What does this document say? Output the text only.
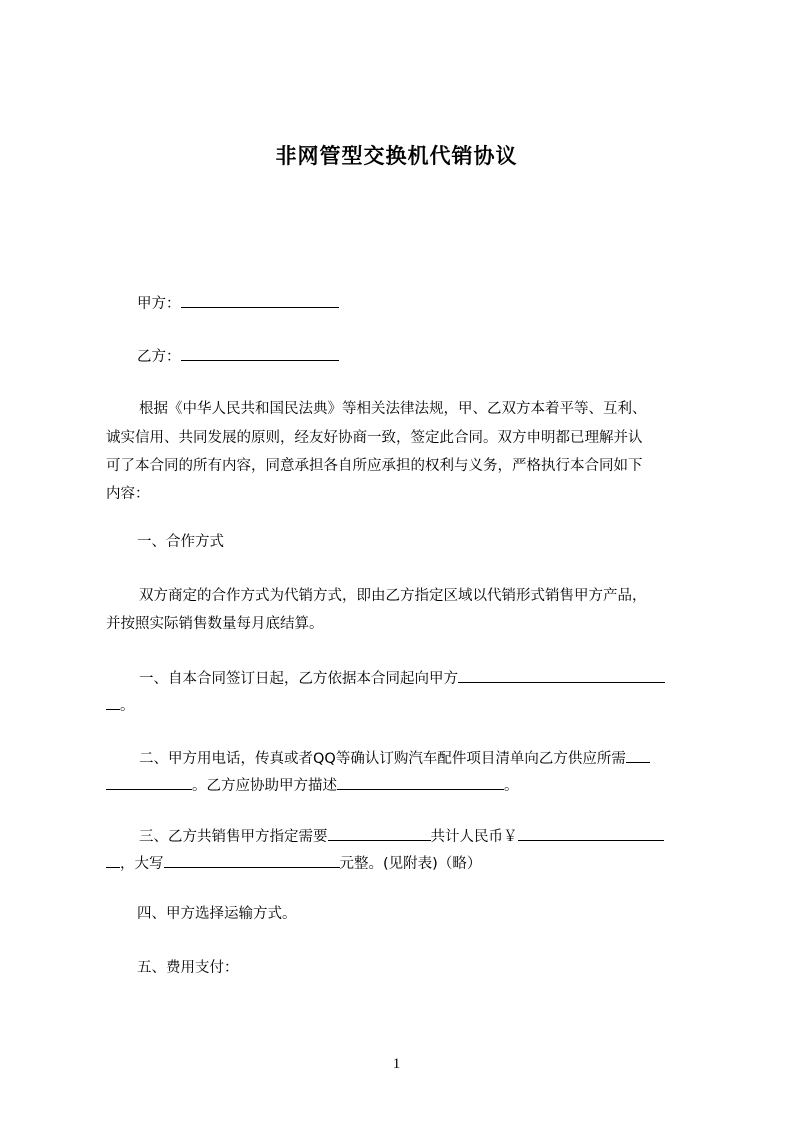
非网管型交换机代销协议
甲方：
乙方：
根据《中华人民共和国民法典》等相关法律法规，甲、乙双方本着平等、互利、
诚实信用、共同发展的原则，经友好协商一致，签定此合同。双方申明都已理解并认
可了本合同的所有内容，同意承担各自所应承担的权利与义务，严格执行本合同如下
内容：
一、合作方式
双方商定的合作方式为代销方式，即由乙方指定区域以代销形式销售甲方产品，
并按照实际销售数量每月底结算。
一、自本合同签订日起，乙方依据本合同起向甲方
。
二、甲方用电话，传真或者QQ等确认订购汽车配件项目清单向乙方供应所需
。乙方应协助甲方描述	。
三、乙方共销售甲方指定需要	共计人民币￥
，大写	元整。(见附表)（略）
四、甲方选择运输方式。
五、费用支付：
1
